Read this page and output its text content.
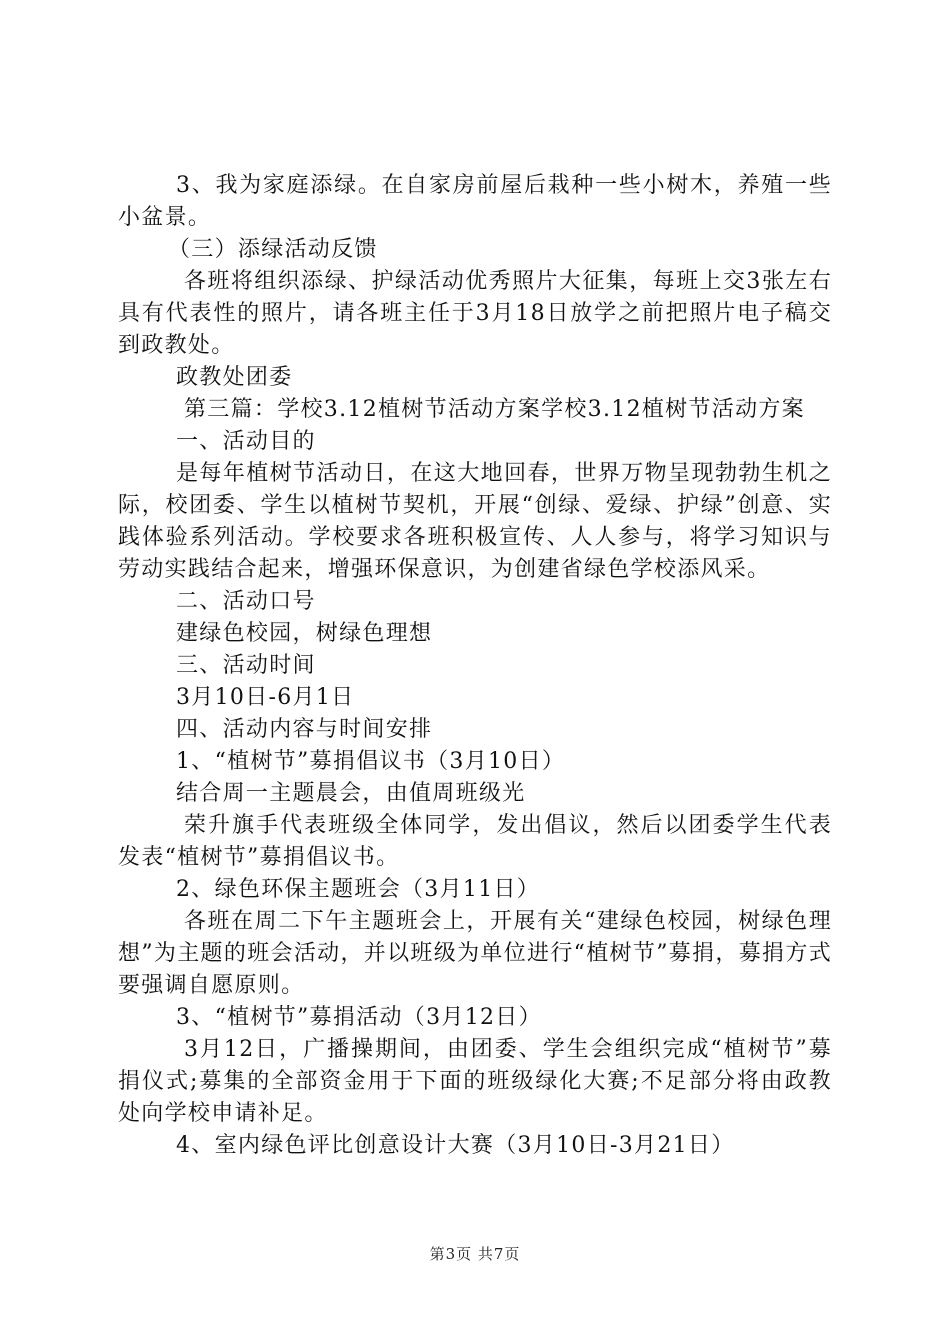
3、我为家庭添绿。在自家房前屋后栽种一些小树木，养殖一些小盆景。

（三）添绿活动反馈

各班将组织添绿、护绿活动优秀照片大征集，每班上交3张左右具有代表性的照片，请各班主任于3月18日放学之前把照片电子稿交到政教处。

政教处团委

第三篇：学校3.12植树节活动方案学校3.12植树节活动方案

一、活动目的

是每年植树节活动日，在这大地回春，世界万物呈现勃勃生机之际，校团委、学生以植树节契机，开展“创绿、爱绿、护绿”创意、实践体验系列活动。学校要求各班积极宣传、人人参与，将学习知识与劳动实践结合起来，增强环保意识，为创建省绿色学校添风采。

二、活动口号

建绿色校园，树绿色理想

三、活动时间

3月10日-6月1日

四、活动内容与时间安排

1、“植树节”募捐倡议书（3月10日）

结合周一主题晨会，由值周班级光

荣升旗手代表班级全体同学，发出倡议，然后以团委学生代表发表“植树节”募捐倡议书。

2、绿色环保主题班会（3月11日）

各班在周二下午主题班会上，开展有关“建绿色校园，树绿色理想”为主题的班会活动，并以班级为单位进行“植树节”募捐，募捐方式要强调自愿原则。

3、“植树节”募捐活动（3月12日）

3月12日，广播操期间，由团委、学生会组织完成“植树节”募捐仪式;募集的全部资金用于下面的班级绿化大赛;不足部分将由政教处向学校申请补足。

4、室内绿色评比创意设计大赛（3月10日-3月21日）

第3页 共7页
